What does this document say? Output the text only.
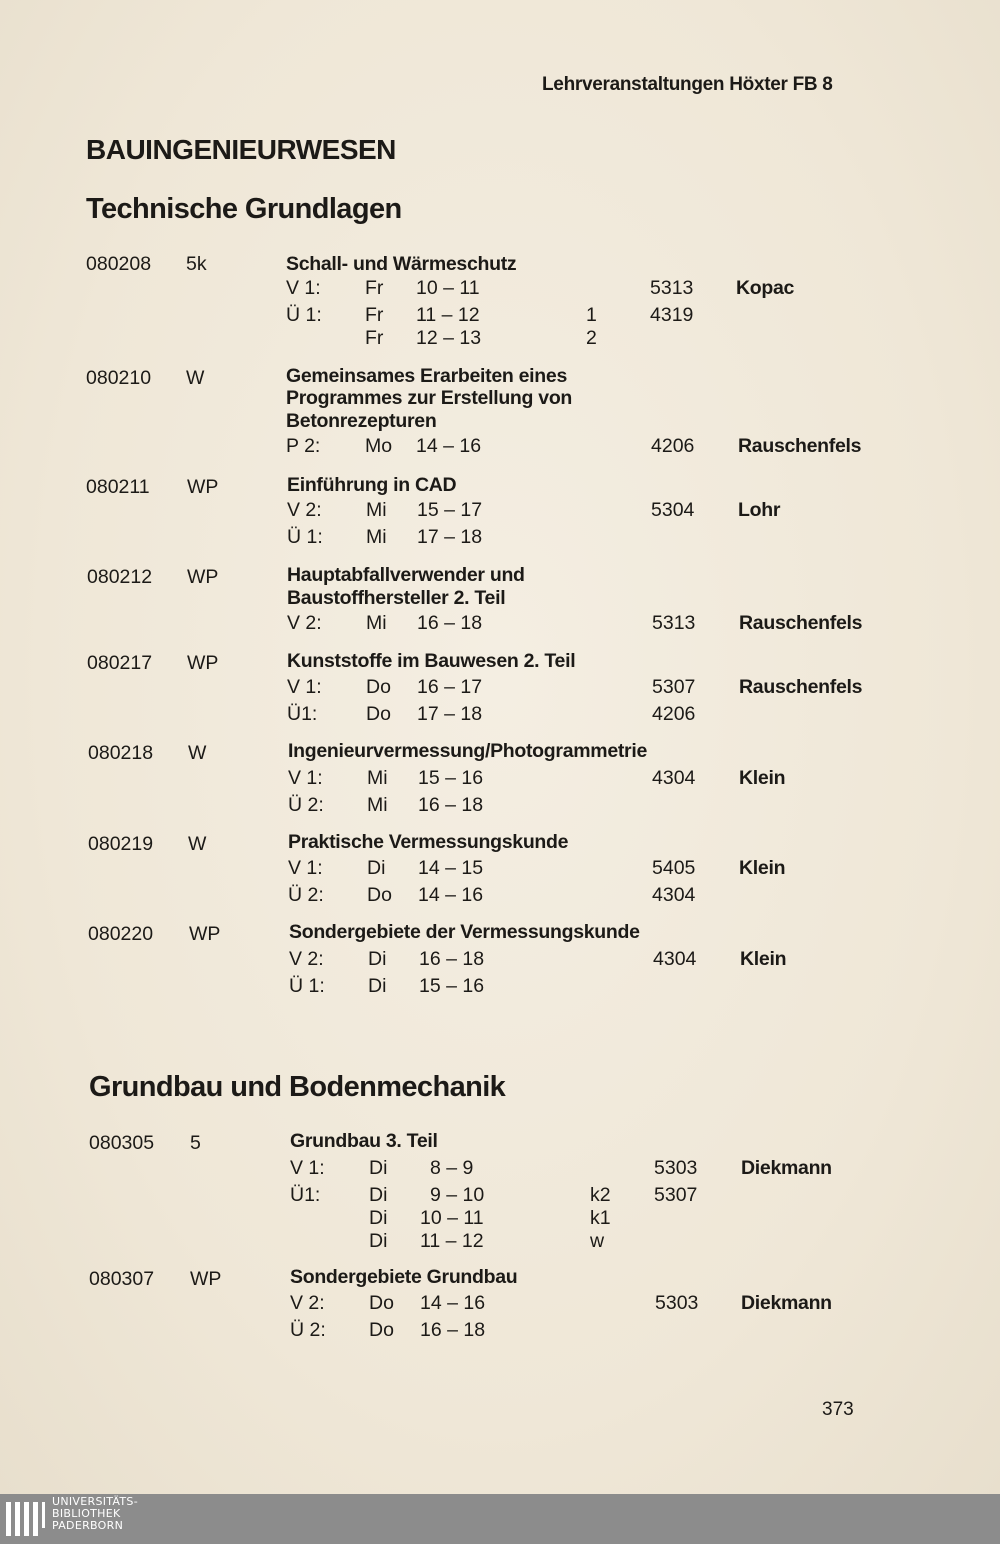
Lehrveranstaltungen Höxter FB 8
BAUINGENIEURWESEN
Technische Grundlagen
080208 5k	Schall- und Wärmeschutz
V 1: Fr 10 – 11	5313 Kopac
Ü 1: Fr 11 – 12	1	4319
Fr 12 – 13	2
080210 W	Gemeinsames Erarbeiten eines
Programmes zur Erstellung von
Betonrezepturen
P 2: Mo 14 – 16	4206 Rauschenfels
080211 WP	Einführung in CAD
V 2: Mi 15 – 17	5304 Lohr
Ü 1: Mi 17 – 18
080212 WP	Hauptabfallverwender und
Baustoffhersteller 2. Teil
V 2: Mi 16 – 18	5313 Rauschenfels
080217 WP	Kunststoffe im Bauwesen 2. Teil
V 1: Do 16 – 17	5307 Rauschenfels
Ü1: Do 17 – 18	4206
080218 W	Ingenieurvermessung/Photogrammetrie
V 1: Mi 15 – 16	4304 Klein
Ü 2: Mi 16 – 18
080219 W	Praktische Vermessungskunde
V 1: Di 14 – 15	5405 Klein
Ü 2: Do 14 – 16	4304
080220 WP	Sondergebiete der Vermessungskunde
V 2: Di 16 – 18	4304 Klein
Ü 1: Di 15 – 16
Grundbau und Bodenmechanik
080305 5	Grundbau 3. Teil
V 1: Di 8 – 9	5303 Diekmann
Ü1: Di 9 – 10	k2 5307
Di 10 – 11	k1
Di 11 – 12	w
080307 WP	Sondergebiete Grundbau
V 2: Do 14 – 16	5303 Diekmann
Ü 2: Do 16 – 18
373
UNIVERSITÄTS-
BIBLIOTHEK
PADERBORN
